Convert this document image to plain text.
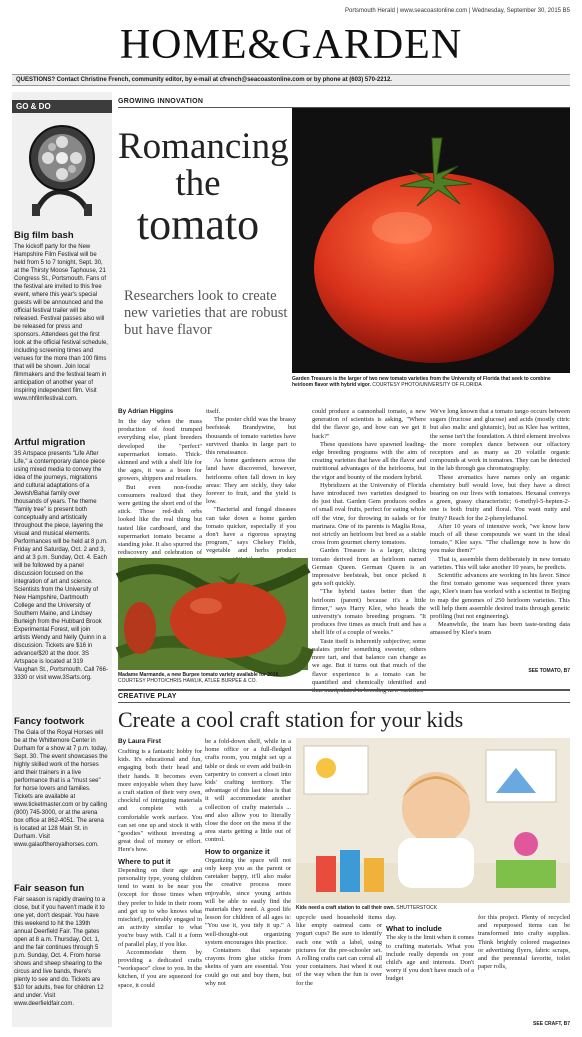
Portsmouth Herald | www.seacoastonline.com | Wednesday, September 30, 2015 B5
HOME&GARDEN
QUESTIONS? Contact Christine French, community editor, by e-mail at cfrench@seacoastonline.com or by phone at (603) 570-2212.
GO & DO
Big film bash
The kickoff party for the New Hampshire Film Festival will be held from 5 to 7 tonight, Sept. 30, at the Thirsty Moose Taphouse, 21 Congress St., Portsmouth. Fans of the festival are invited to this free event, where this year's special guests will be announced and the official festival trailer will be released. Festival passes also will be released for press and sponsors. Attendees get the first look at the official festival schedule, including screening times and venues for the more than 100 films that will be shown. Join local filmmakers and the festival team in anticipation of another year of inspiring independent film. Visit www.nhfilmfestival.com.
Artful migration
3S Artspace presents "Life After Life," a contemporary dance piece using mixed media to convey the idea of the journeys, migrations and cultural adaptations of a Jewish/Bahai family over thousands of years. The theme "family tree" is present both conceptually and artistically throughout the piece, layering the visual and musical elements. Performances will be held at 8 p.m. Friday and Saturday, Oct. 2 and 3, and at 3 p.m. Sunday, Oct. 4. Each will be followed by a panel discussion focused on the integration of art and science. Scientists from the University of New Hampshire, Dartmouth College and the University of Southern Maine, and Lindsey Burleigh from the Hubbard Brook Experimental Forest, will join artists Wendy and Nelly Quinn in a discussion. Tickets are $16 in advance/$20 at the door. 3S Artspace is located at 319 Vaughan St., Portsmouth. Call 766-3330 or visit www.3Sarts.org.
Fancy footwork
The Gala of the Royal Horses will be at the Whittemore Center in Durham for a show at 7 p.m. today, Sept. 30. The event showcases the highly skilled work of the horses and their trainers in a live performance that is a "must see" for horse lovers and families. Tickets are available at www.ticketmaster.com or by calling (800) 745-3000, or at the arena box office at 862-4051. The arena is located at 128 Main St. in Durham. Visit www.galaoftheroyalhorses.com.
Fair season fun
Fair season is rapidly drawing to a close, but if you haven't made it to one yet, don't despair. You have this weekend to hit the 139th annual Deerfield Fair. The gates open at 8 a.m. Thursday, Oct. 1, and the fair continues through 5 p.m. Sunday, Oct. 4. From horse shows and sheep shearing to the circus and live bands, there's plenty to see and do. Tickets are $10 for adults, free for children 12 and under. Visit www.deerfieldfair.com.
GROWING INNOVATION
Romancing
the
tomato
Researchers look to create new varieties that are robust but have flavor
Garden Treasure is the larger of two new tomato varieties from the University of Florida that seek to combine heirloom flavor with hybrid vigor. COURTESY PHOTO/UNIVERSITY OF FLORIDA
By Adrian Higgins

In the day when the mass production of food trumped everything else, plant breeders developed the "perfect" supermarket tomato. Thick-skinned and with a shelf life for the ages, it was a boon for growers, shippers and retailers.

But even non-foodie consumers realized that they were getting the short end of the stick. Those red-dish orbs looked like the real thing but tasted like cardboard, and the supermarket tomato became a standing joke. It also spurred the rediscovery and celebration of

itself.

The poster child was the brassy beefsteak Brandywine, but thousands of tomato varieties have survived thanks in large part to this renaissance.

As home gardeners across the land have discovered, however, heirlooms often fall down in key areas: They are sickly, they take forever to fruit, and the yield is low.

"Bacterial and fungal diseases can take down a home garden tomato quicker, especially if you don't have a rigorous spraying program," says Chelsey Fields, vegetable and herbs product

could produce a cannonball tomato, a new generation of scientists is asking, "Where did the flavor go, and how can we get it back?"

These questions have spawned leading-edge breeding programs with the aim of creating varieties that have all the flavor and nutritional advantages of the heirlooms, but the vigor and bounty of the modern hybrid.

Hybridizers at the University of Florida have introduced two varieties designed to do just that. Garden Gem produces oodles of small oval fruits, perfect for eating whole off the vine, for throwing in salads or for marinara. One of its parents is Maglia Rosa, not strictly an heirloom but bred as a stable cross from gourmet cherry tomatoes.

Garden Treasure is a larger, slicing tomato derived from an heirloom named German Queen. German Queen is an impressive beefsteak, but once picked it gets soft quickly.

"The hybrid tastes better than the heirloom (parent) because it's a little firmer," says Harry Klee, who heads the university's tomato breeding program. "It produces five times as much fruit and has a shelf life of a couple of weeks."

Taste itself is inherently subjective; some palates prefer something sweeter, others more tart, and that balance can change as we age. But it turns out that much of the flavor experience is a tomato can be quantified and chemically identified and

We've long known that a tomato tango occurs between sugars (fructose and glucose) and acids (mostly citric but also malic and glutamic), but as Klee has written, the sense isn't the foundation. A third element involves the more complex dance between our olfactory receptors and as many as 20 volatile organic compounds at work in tomatoes. They can be detected in the lab through gas chromatography.

These aromatics have names only an organic chemistry buff would love, but they have a direct bearing on our lives with tomatoes. Hexanal conveys a green, grassy characteristic; 6-methyl-5-hepten-2-one is both fruity and floral. You want nutty and fruity? Reach for the 2-phenylethanol.

After 10 years of intensive work, "we know how much of all these compounds we want in the ideal tomato," Klee says. "The challenge now is how do you make them?"

That is, assemble them deliberately in new tomato varieties. This will take another 10 years, he predicts.

Scientific advances are working in his favor. Since the first tomato genome was sequenced three years ago, Klee's team has worked with a scientist in Beijing to map the genomes of 250 heirloom varieties. This will help them assemble desired traits through genetic profiling (but not engineering).

Meanwhile, the team has been taste-testing data amassed by Klee's team

SEE TOMATO, B7
Madame Marmande, a new Burpee tomato variety available for 2016. COURTESY PHOTO/CHRIS HAWLIK, ATLEE BURPEE & CO.
CREATIVE PLAY
Create a cool craft station for your kids
By Laura First

Crafting is a fantastic hobby for kids. It's educational and fun, engaging both their head and their hands. It becomes even more enjoyable when they have a craft station of their very own, chockful of intriguing materials and complete with a comfortable work surface. You can set one up and stock it with "goodies" without investing a great deal of money or effort. Here's how.

Where to put it

Depending on their age and personality type, young children tend to want to be near you (except for those times when they prefer to hide in their room and get up to who knows what mischief), preferably engaged in an activity similar to what you're busy with. Call it a form of parallel play, if you like.

Accommodate them by providing a dedicated crafts "workspace" close to you. In the kitchen, if you are squeezed for space, it could

be a fold-down shelf, while in a home office or a full-fledged crafts room, you might set up a table or desk or even add built-in carpentry to convert a closet into kids' crafting territory. The advantage of this last idea is that it will accommodate another collection of crafty materials ... and also allow you to literally close the door on the mess if the area starts getting a little out of control.

How to organize it

Organizing the space will not only keep you as the parent or caretaker happy, it'll also make the creative process more enjoyable, since young artists will be able to easily find the materials they need. A good life lesson for children of all ages is: "You use it, you tidy it up." A well-thought-out organizing system encourages this practice.

Containers that separate crayons from glue sticks from skeins of yarn are essential. You could go out and buy them, but why not

Kids need a craft station to call their own. SHUTTERSTOCK

upcycle used household items like empty oatmeal cans or yogurt cups? Be sure to identify each one with a label, using pictures for the pre-schooler set. A rolling crafts cart can corral all your containers. Just wheel it out of the way when the fun is over for the

day.

What to include

The sky is the limit when it comes to crafting materials. What you include really depends on your child's age and interests. Don't worry if you don't have much of a budget

for this project. Plenty of recycled and repurposed items can be transformed into crafty supplies. Think brightly colored magazines or advertising flyers, fabric scraps, and the perennial favorite, toilet paper rolls,

SEE CRAFT, B7
